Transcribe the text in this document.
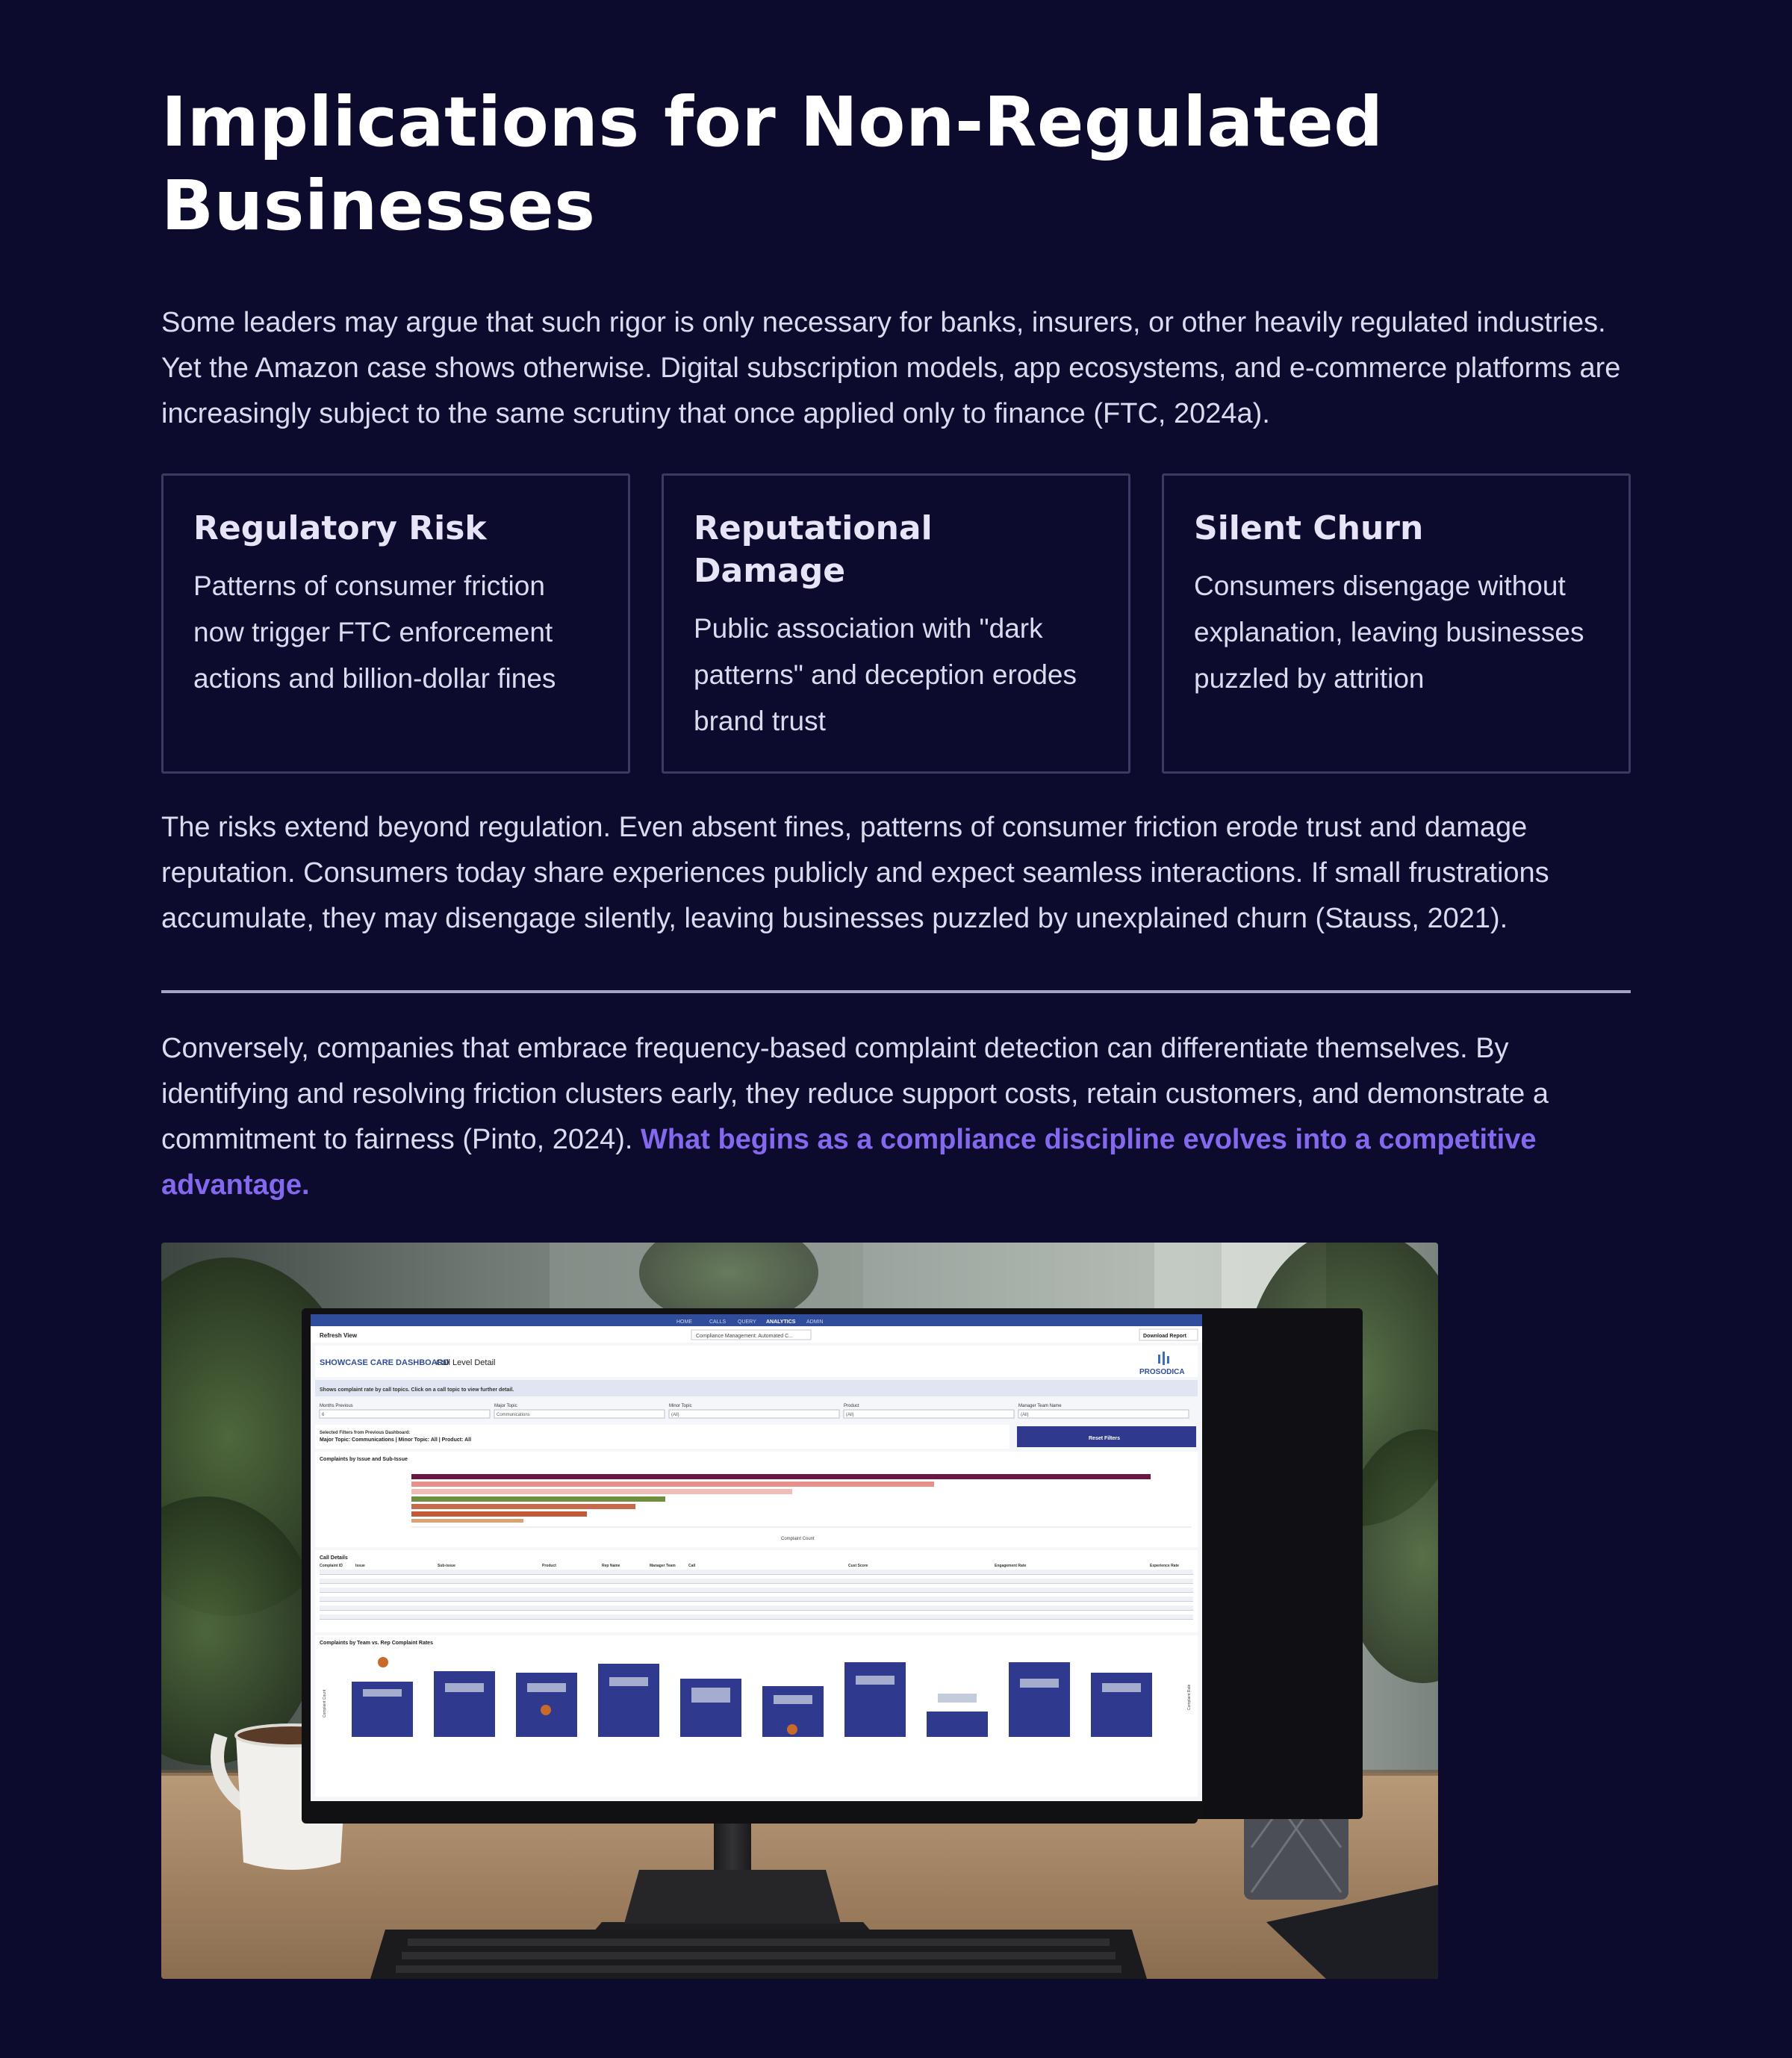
Implications for Non-Regulated Businesses

Some leaders may argue that such rigor is only necessary for banks, insurers, or other heavily regulated industries. Yet the Amazon case shows otherwise. Digital subscription models, app ecosystems, and e-commerce platforms are increasingly subject to the same scrutiny that once applied only to finance (FTC, 2024a).

Regulatory Risk

Patterns of consumer friction now trigger FTC enforcement actions and billion-dollar fines

Reputational Damage

Public association with "dark patterns" and deception erodes brand trust

Silent Churn

Consumers disengage without explanation, leaving businesses puzzled by attrition

The risks extend beyond regulation. Even absent fines, patterns of consumer friction erode trust and damage reputation. Consumers today share experiences publicly and expect seamless interactions. If small frustrations accumulate, they may disengage silently, leaving businesses puzzled by unexplained churn (Stauss, 2021).

Conversely, companies that embrace frequency-based complaint detection can differentiate themselves. By identifying and resolving friction clusters early, they reduce support costs, retain customers, and demonstrate a commitment to fairness (Pinto, 2024). What begins as a compliance discipline evolves into a competitive advantage.

HOME	CALLS QUERY ANALYTICS ADMIN
Refresh View	Compliance Management: Automated C...	Download Report
SHOWCASE CARE DASHBOARD
Call Level Detail
PROSODICA
Shows complaint rate by call topics. Click on a call topic to view further detail.
Months Previous	Major Topic	Minor Topic	Product	Manager Team Name
6	Communications	(All)	(All)	(All)
Selected Filters from Previous Dashboard:
Major Topic: Communications | Minor Topic: All | Product: All	Reset Filters
Complaints by Issue and Sub-Issue
Complaint Count
Call Details
Complaint ID	Issue	Sub-issue	Product	Rep Name	Manager Team	Call	Cust Score	Engagement Rate	Experience Rate
Complaints by Team vs. Rep Complaint Rates
Complaint Count	Complaint Rate
